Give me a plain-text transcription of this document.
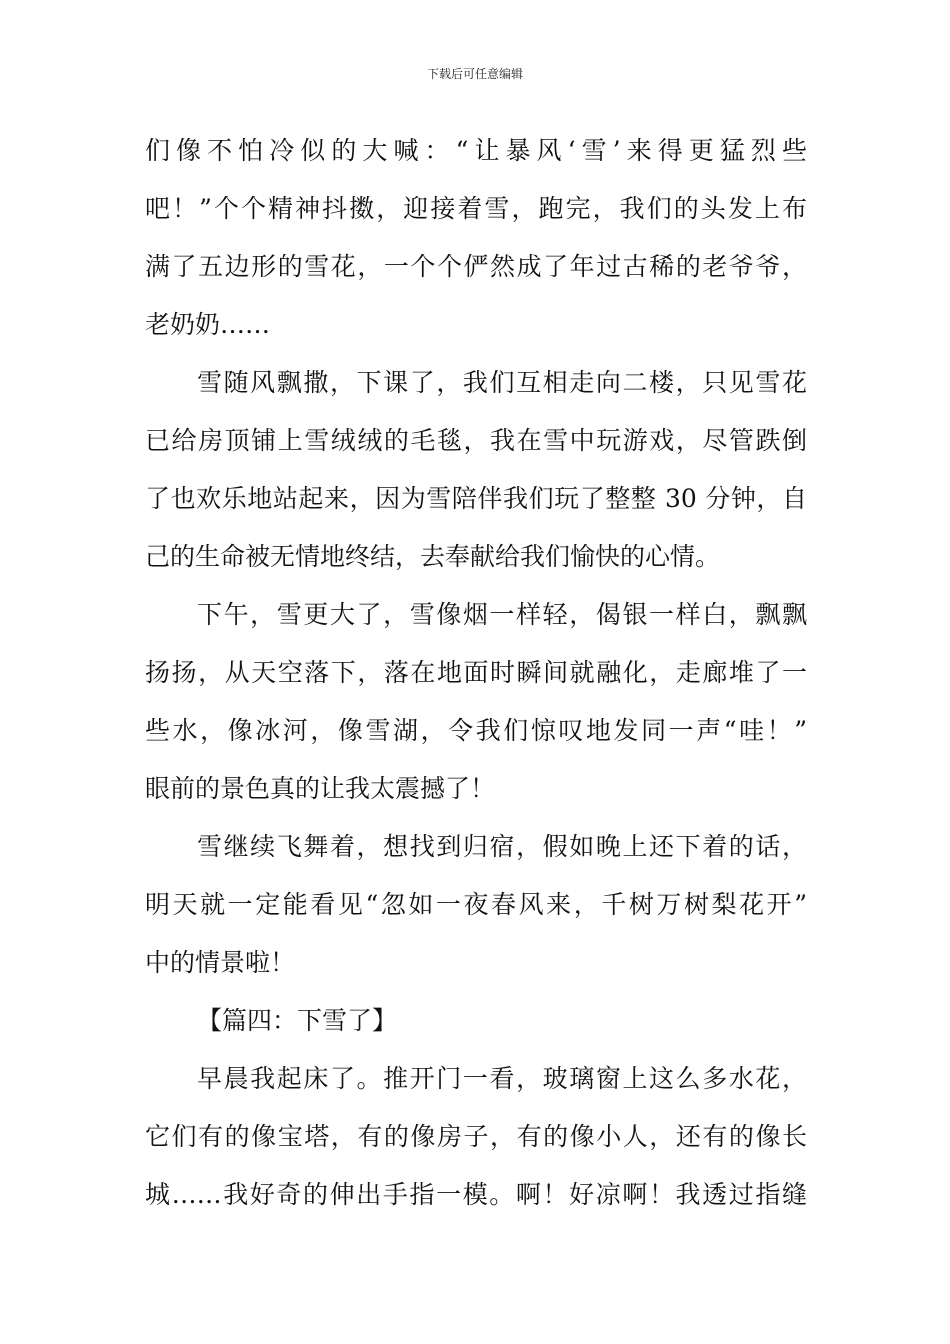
下载后可任意编辑
们像不怕冷似的大喊：“让暴风‘雪’来得更猛烈些
吧！”个个精神抖擞，迎接着雪，跑完，我们的头发上布
满了五边形的雪花，一个个俨然成了年过古稀的老爷爷，
老奶奶……
雪随风飘撒，下课了，我们互相走向二楼，只见雪花
已给房顶铺上雪绒绒的毛毯，我在雪中玩游戏，尽管跌倒
了也欢乐地站起来，因为雪陪伴我们玩了整整 30 分钟，自
己的生命被无情地终结，去奉献给我们愉快的心情。
下午，雪更大了，雪像烟一样轻，偈银一样白，飘飘
扬扬，从天空落下，落在地面时瞬间就融化，走廊堆了一
些水，像冰河，像雪湖，令我们惊叹地发同一声“哇！”
眼前的景色真的让我太震撼了！
雪继续飞舞着，想找到归宿，假如晚上还下着的话，
明天就一定能看见“忽如一夜春风来，千树万树梨花开”
中的情景啦！
【篇四：下雪了】
早晨我起床了。推开门一看，玻璃窗上这么多水花，
它们有的像宝塔，有的像房子，有的像小人，还有的像长
城……我好奇的伸出手指一模。啊！好凉啊！我透过指缝
